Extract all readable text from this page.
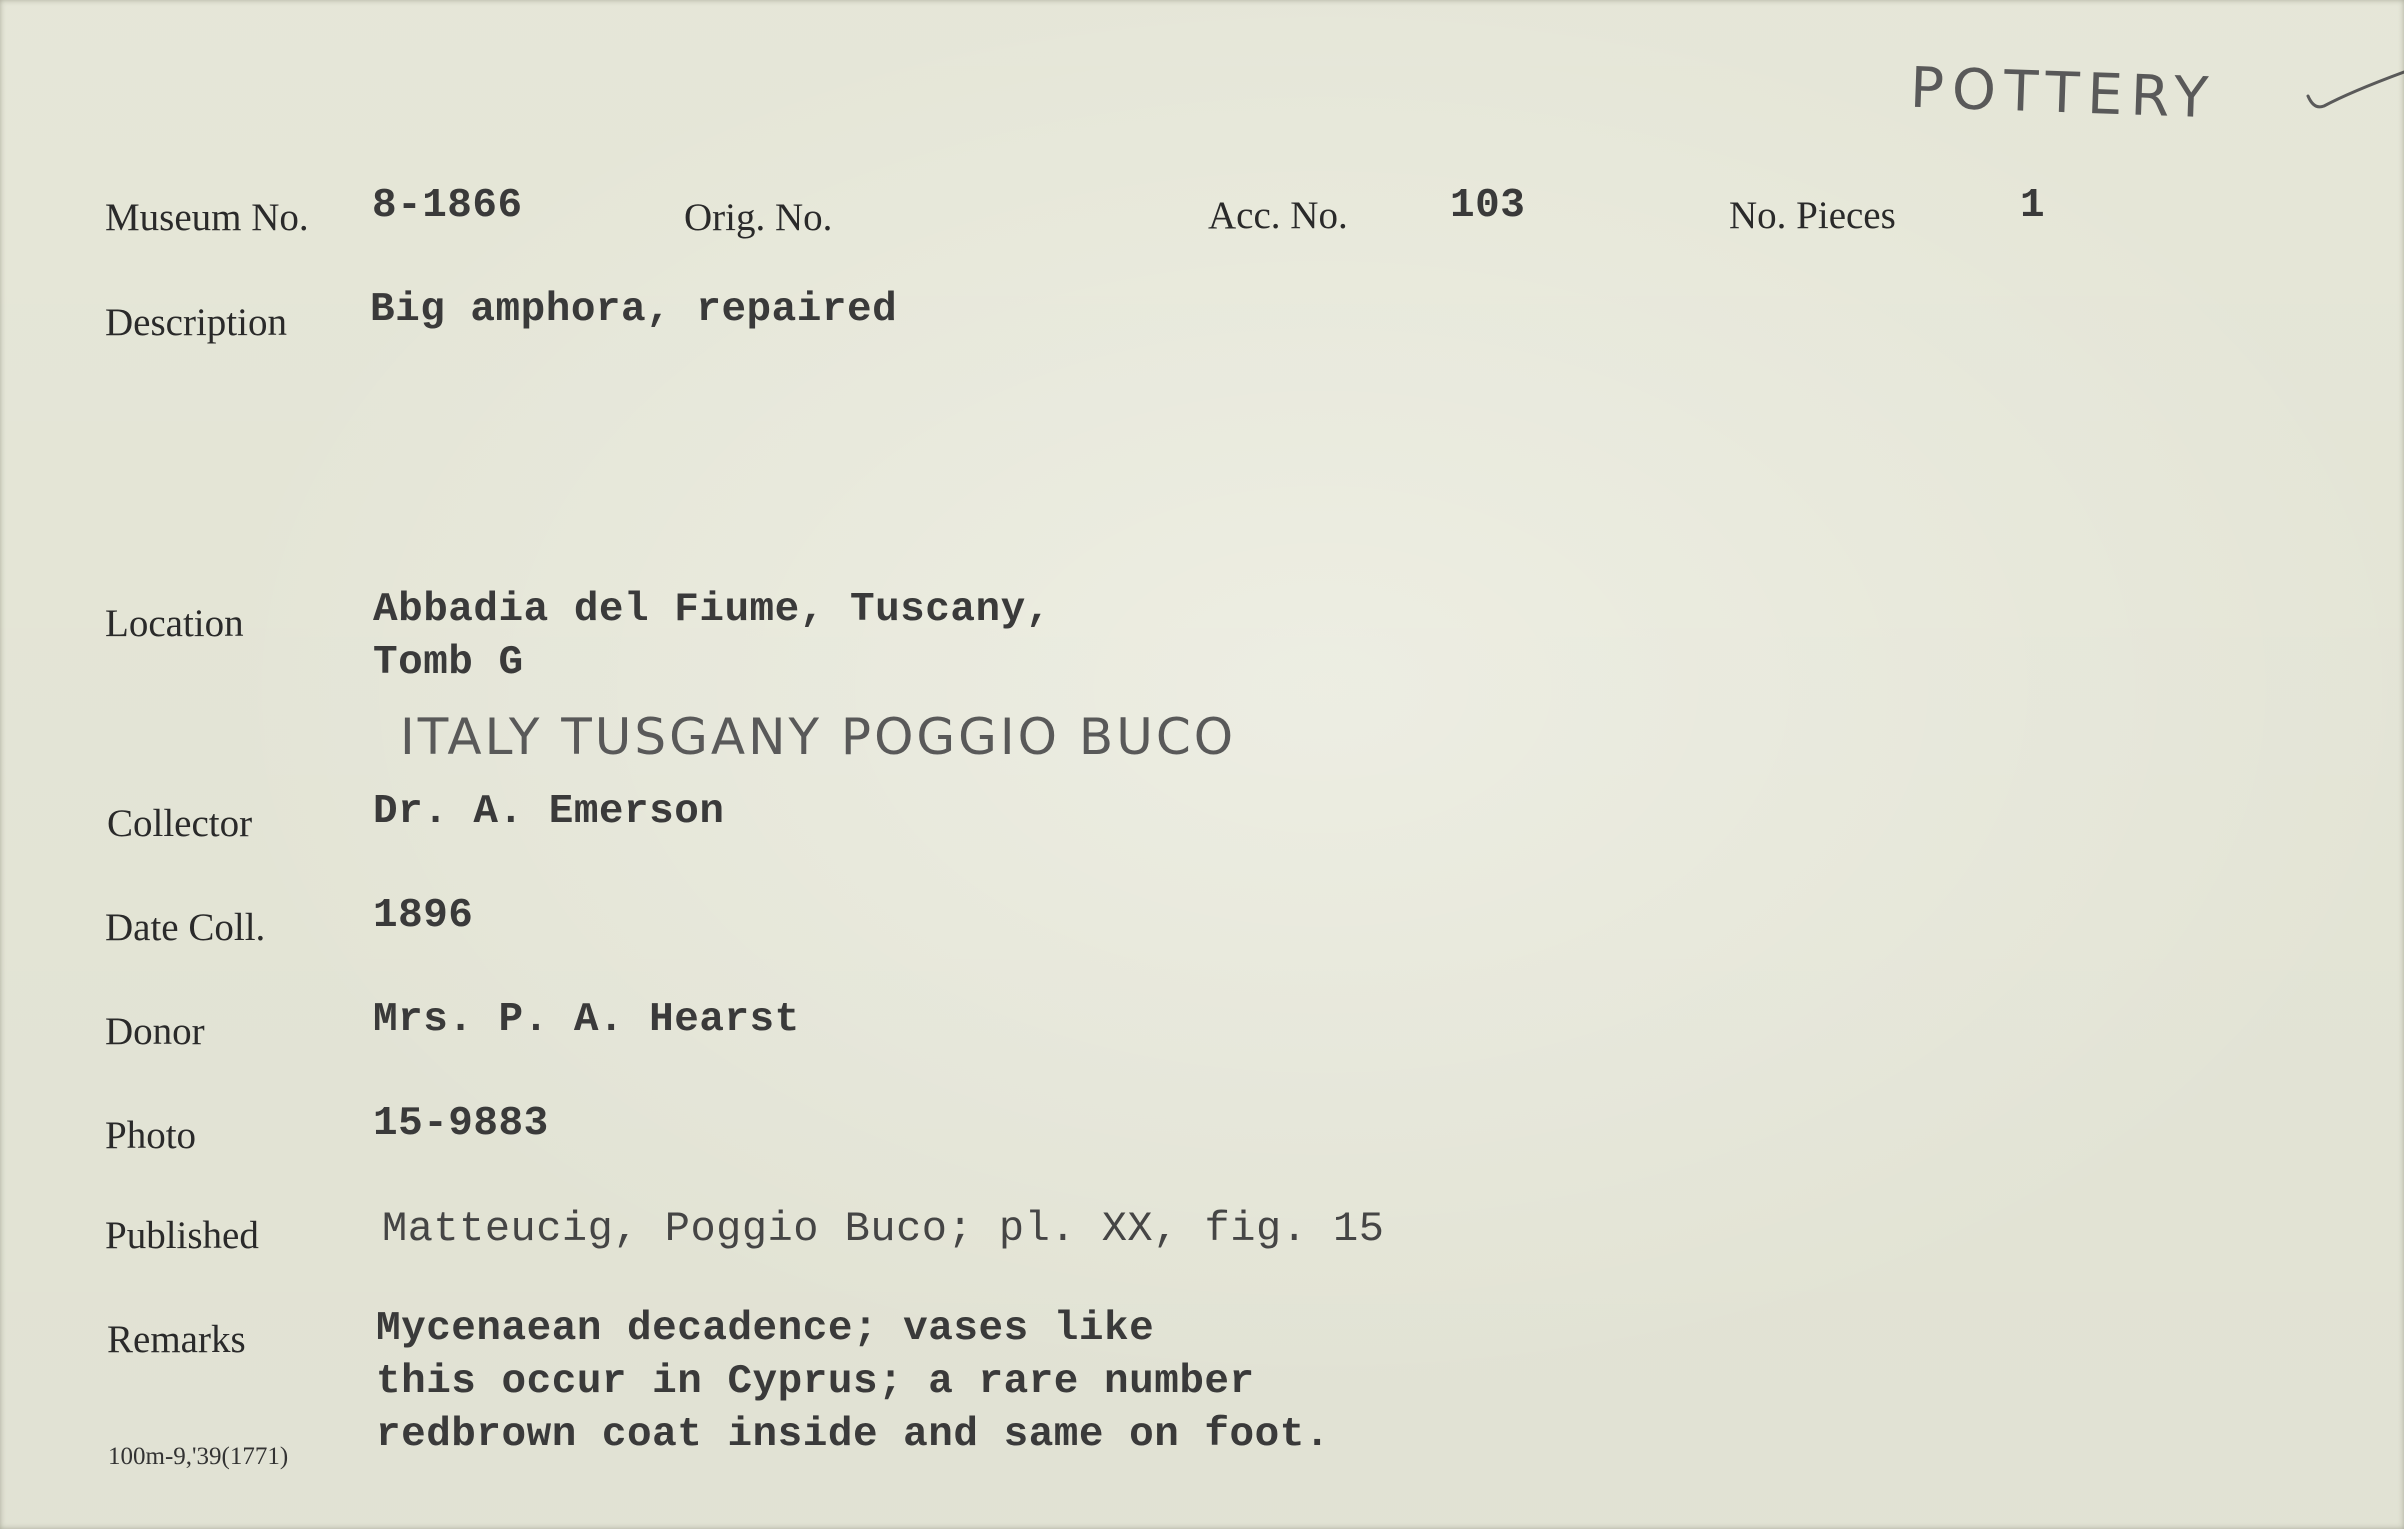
POTTERY
Museum No. 8-1866	Orig. No.	Acc. No. 103	No. Pieces	1
Description Big amphora, repaired
Location	Abbadia del Fiume, Tuscany,
Tomb G
ITALY TUSGANY POGGIO BUCO
Collector	Dr. A. Emerson
Date Coll.	1896
Donor	Mrs. P. A. Hearst
Photo	15-9883
Published	Matteucig, Poggio Buco; pl. XX, fig. 15
Remarks	Mycenaean decadence; vases like
this occur in Cyprus; a rare number
redbrown coat inside and same on foot.
100m-9,'39(1771)
